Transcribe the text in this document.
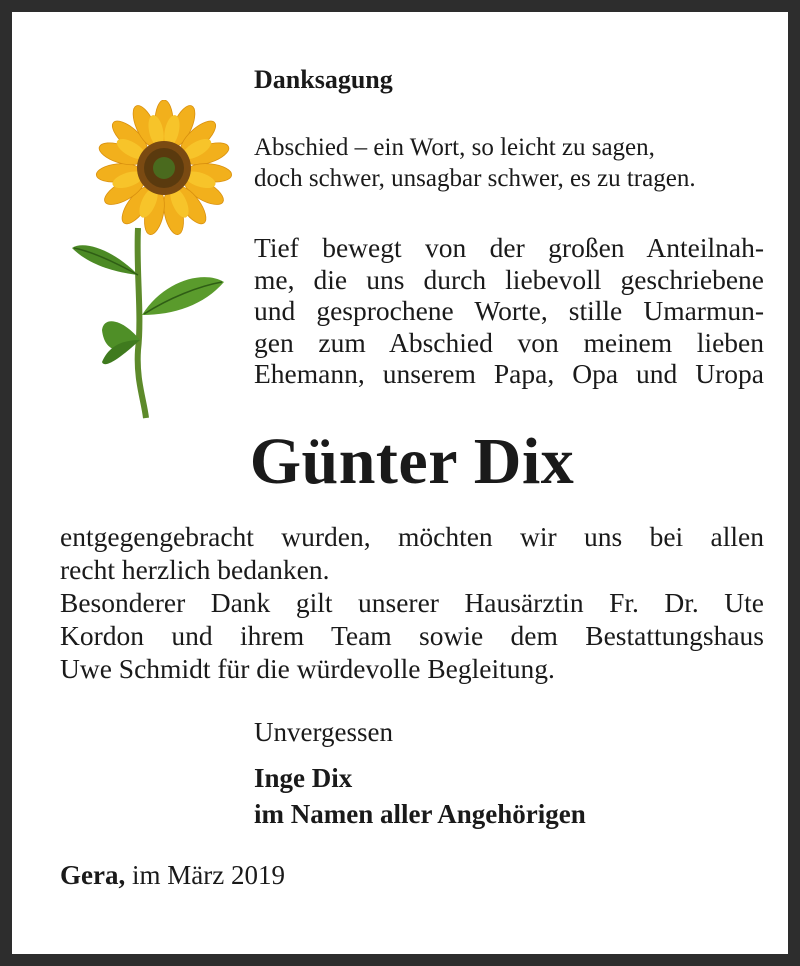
Danksagung
Abschied – ein Wort, so leicht zu sagen,
doch schwer, unsagbar schwer, es zu tragen.
Tief bewegt von der großen Anteilnah-
me, die uns durch liebevoll geschriebene
und gesprochene Worte, stille Umarmun-
gen zum Abschied von meinem lieben
Ehemann, unserem Papa, Opa und Uropa
Günter Dix
entgegengebracht wurden, möchten wir uns bei allen
recht herzlich bedanken.
Besonderer Dank gilt unserer Hausärztin Fr. Dr. Ute
Kordon und ihrem Team sowie dem Bestattungshaus
Uwe Schmidt für die würdevolle Begleitung.
Unvergessen
Inge Dix
im Namen aller Angehörigen
Gera, im März 2019
